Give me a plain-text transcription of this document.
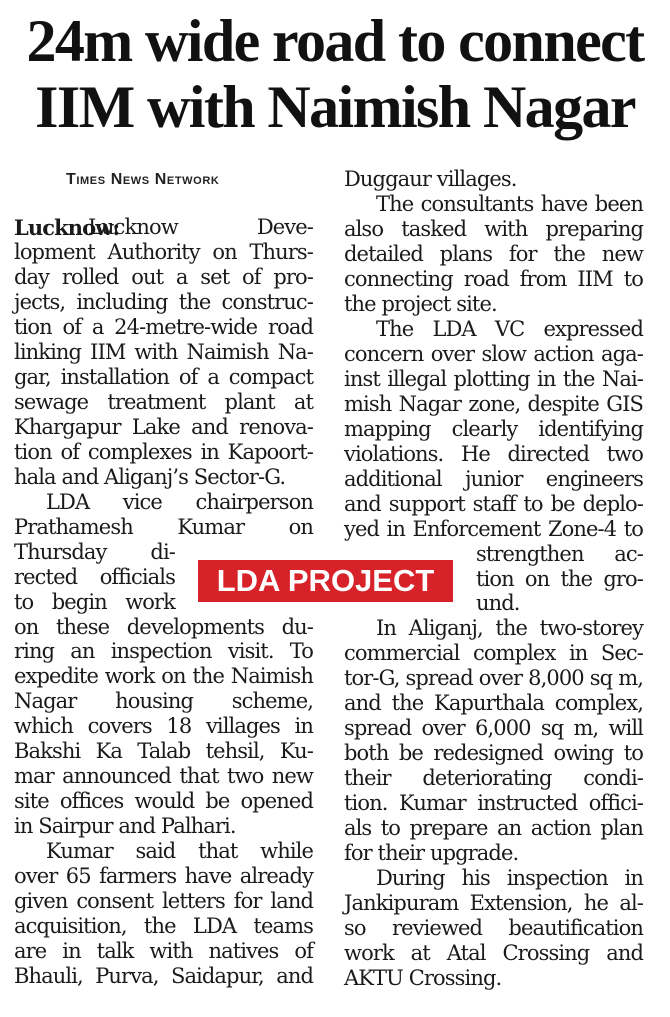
24m wide road to connect
IIM with Naimish Nagar
Times News Network
Lucknow Deve-
lopment Authority on Thurs-
day rolled out a set of pro-
jects, including the construc-
tion of a 24-metre-wide road
linking IIM with Naimish Na-
gar, installation of a compact
sewage treatment plant at
Khargapur Lake and renova-
tion of complexes in Kapoort-
hala and Aliganj’s Sector-G.
LDA vice chairperson
Prathamesh Kumar on
Thursday di-
rected officials
to begin work
on these developments du-
ring an inspection visit. To
expedite work on the Naimish
Nagar housing scheme,
which covers 18 villages in
Bakshi Ka Talab tehsil, Ku-
mar announced that two new
site offices would be opened
in Sairpur and Palhari.
Kumar said that while
over 65 farmers have already
given consent letters for land
acquisition, the LDA teams
are in talk with natives of
Bhauli, Purva, Saidapur, and
Lucknow:
Duggaur villages.
The consultants have been
also tasked with preparing
detailed plans for the new
connecting road from IIM to
the project site.
The LDA VC expressed
concern over slow action aga-
inst illegal plotting in the Nai-
mish Nagar zone, despite GIS
mapping clearly identifying
violations. He directed two
additional junior engineers
and support staff to be deplo-
yed in Enforcement Zone-4 to
strengthen ac-
tion on the gro-
und.
In Aliganj, the two-storey
commercial complex in Sec-
tor-G, spread over 8,000 sq m,
and the Kapurthala complex,
spread over 6,000 sq m, will
both be redesigned owing to
their deteriorating condi-
tion. Kumar instructed offici-
als to prepare an action plan
for their upgrade.
During his inspection in
Jankipuram Extension, he al-
so reviewed beautification
work at Atal Crossing and
AKTU Crossing.
LDA PROJECT
